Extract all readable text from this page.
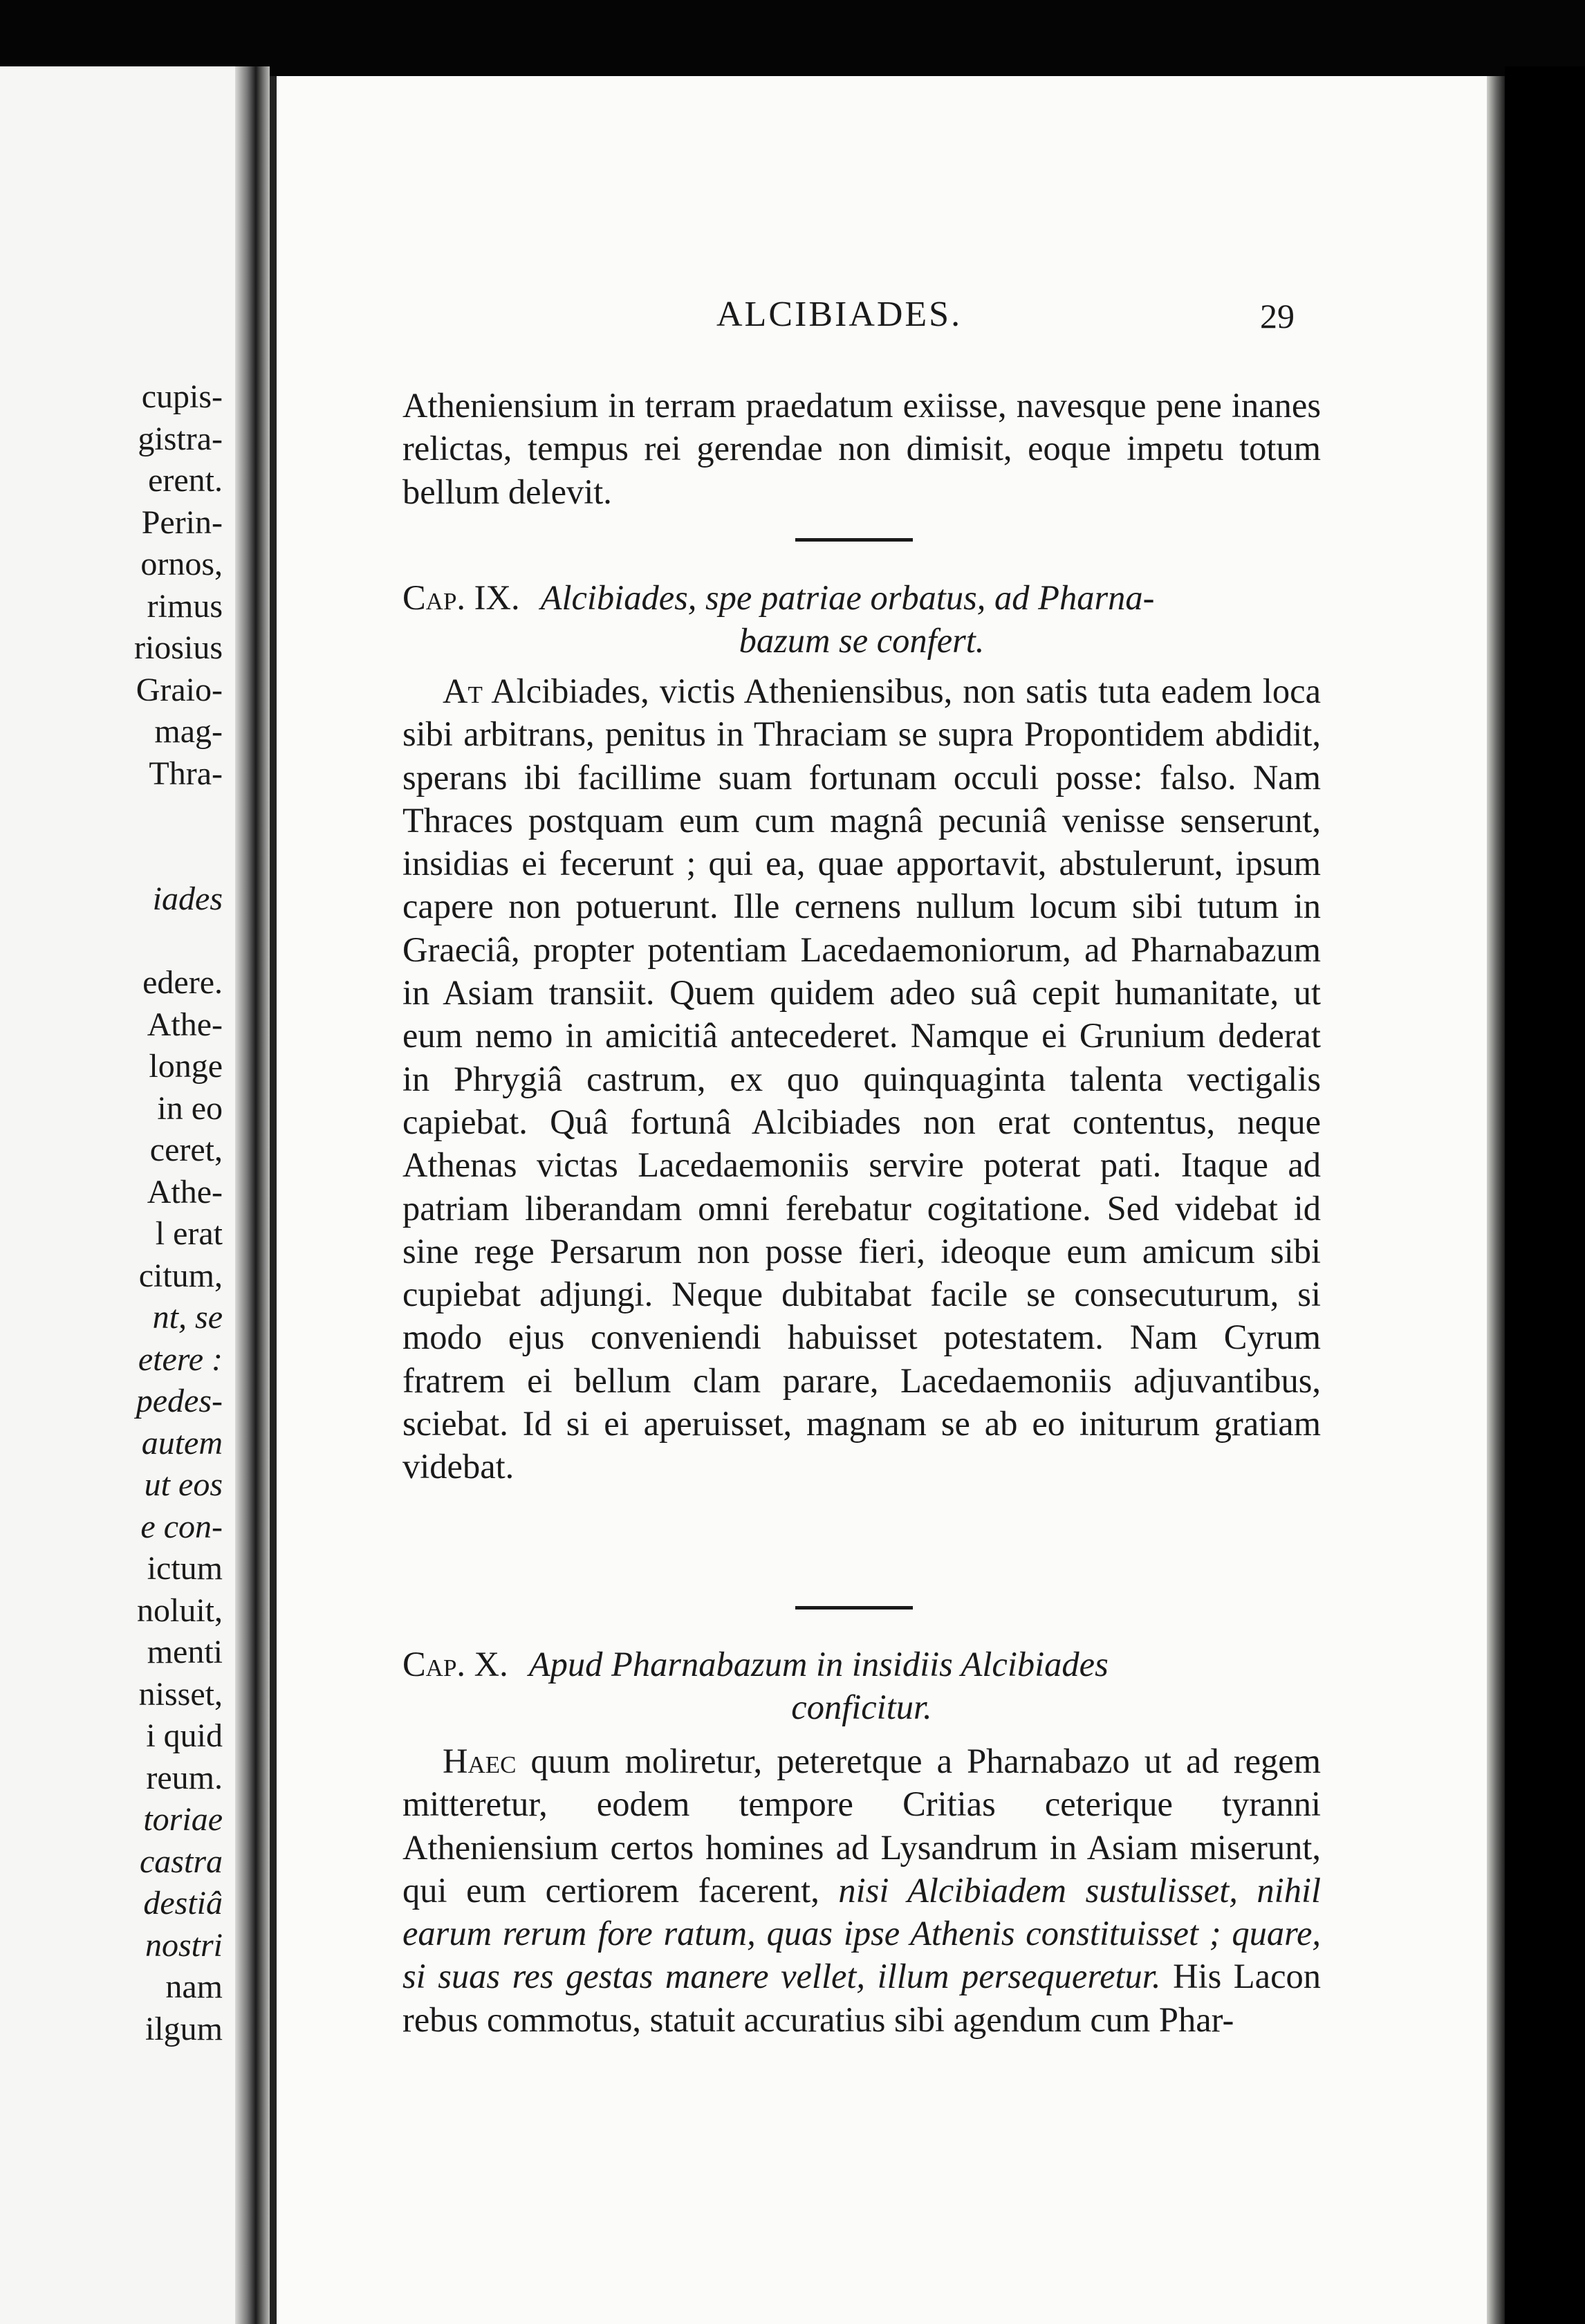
cupis-
gistra-
erent.
Perin-
ornos,
rimus
riosius
Graio-
mag-
Thra-
iades
edere.
Athe-
longe
in eo
ceret,
Athe-
l erat
citum,
nt, se
etere :
pedes-
autem
ut eos
e con-
ictum
noluit,
menti
nisset,
i quid
reum.
toriae
castra
destiâ
nostri
nam
ilgum
ALCIBIADES.	29

Atheniensium in terram praedatum exiisse, navesque pene inanes relictas, tempus rei gerendae non dimisit, eoque impetu totum bellum delevit.

Cap. IX. Alcibiades, spe patriae orbatus, ad Pharna-
bazum se confert.

At Alcibiades, victis Atheniensibus, non satis tuta eadem loca sibi arbitrans, penitus in Thraciam se supra Propontidem abdidit, sperans ibi facillime suam fortunam occuli posse: falso. Nam Thraces postquam eum cum magnâ pecuniâ venisse senserunt, insidias ei fecerunt ; qui ea, quae apportavit, abstulerunt, ipsum capere non potuerunt. Ille cernens nullum locum sibi tutum in Graeciâ, propter potentiam Lacedaemoniorum, ad Pharnabazum in Asiam transiit. Quem quidem adeo suâ cepit humanitate, ut eum nemo in amicitiâ antecederet. Namque ei Grunium dederat in Phrygiâ castrum, ex quo quinquaginta talenta vectigalis capiebat. Quâ fortunâ Alcibiades non erat contentus, neque Athenas victas Lacedaemoniis servire poterat pati. Itaque ad patriam liberandam omni ferebatur cogitatione. Sed videbat id sine rege Persarum non posse fieri, ideoque eum amicum sibi cupiebat adjungi. Neque dubitabat facile se consecuturum, si modo ejus conveniendi habuisset potestatem. Nam Cyrum fratrem ei bellum clam parare, Lacedaemoniis adjuvantibus, sciebat. Id si ei aperuisset, magnam se ab eo initurum gratiam videbat.

Cap. X. Apud Pharnabazum in insidiis Alcibiades
conficitur.

Haec quum moliretur, peteretque a Pharnabazo ut ad regem mitteretur, eodem tempore Critias ceterique tyranni Atheniensium certos homines ad Lysandrum in Asiam miserunt, qui eum certiorem facerent, nisi Alcibiadem sustulisset, nihil earum rerum fore ratum, quas ipse Athenis constituisset ; quare, si suas res gestas manere vellet, illum persequeretur. His Lacon rebus commotus, statuit accuratius sibi agendum cum Phar-
